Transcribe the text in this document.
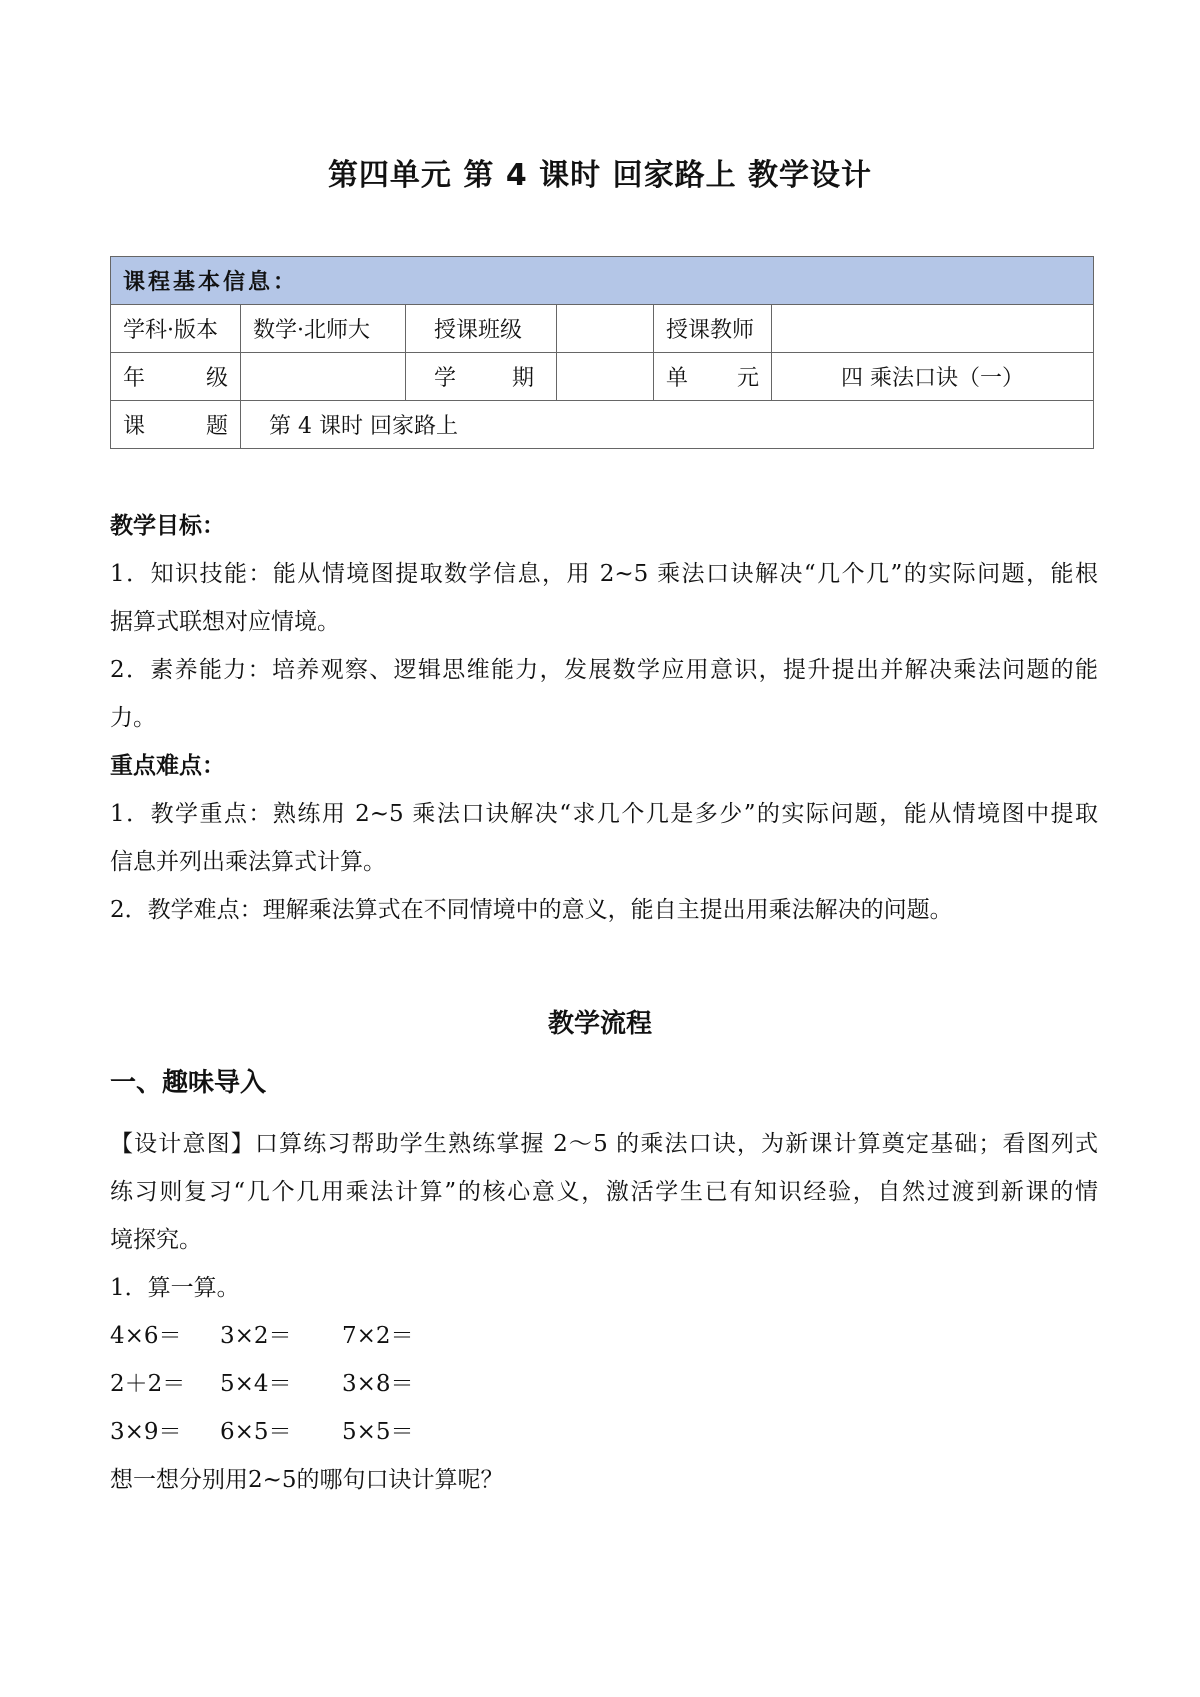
第四单元 第 4 课时 回家路上 教学设计
课程基本信息：					
学科·版本	数学·北师大	授课班级		授课教师	

年 级		学 期		单 元	四 乘法口诀（一）

课 题	第 4 课时 回家路上				
教学目标：
1．知识技能：能从情境图提取数学信息，用 2~5 乘法口诀解决“几个几”的实际问题，能根
据算式联想对应情境。
2．素养能力：培养观察、逻辑思维能力，发展数学应用意识，提升提出并解决乘法问题的能
力。
重点难点：
1．教学重点：熟练用 2~5 乘法口诀解决“求几个几是多少”的实际问题，能从情境图中提取
信息并列出乘法算式计算。
2．教学难点：理解乘法算式在不同情境中的意义，能自主提出用乘法解决的问题。
教学流程
一、趣味导入
【设计意图】口算练习帮助学生熟练掌握 2～5 的乘法口诀，为新课计算奠定基础；看图列式
练习则复习“几个几用乘法计算”的核心意义，激活学生已有知识经验，自然过渡到新课的情
境探究。
1．算一算。
4×6＝	3×2＝	7×2＝
2＋2＝	5×4＝	3×8＝
3×9＝	6×5＝	5×5＝
想一想分别用2~5的哪句口诀计算呢？
